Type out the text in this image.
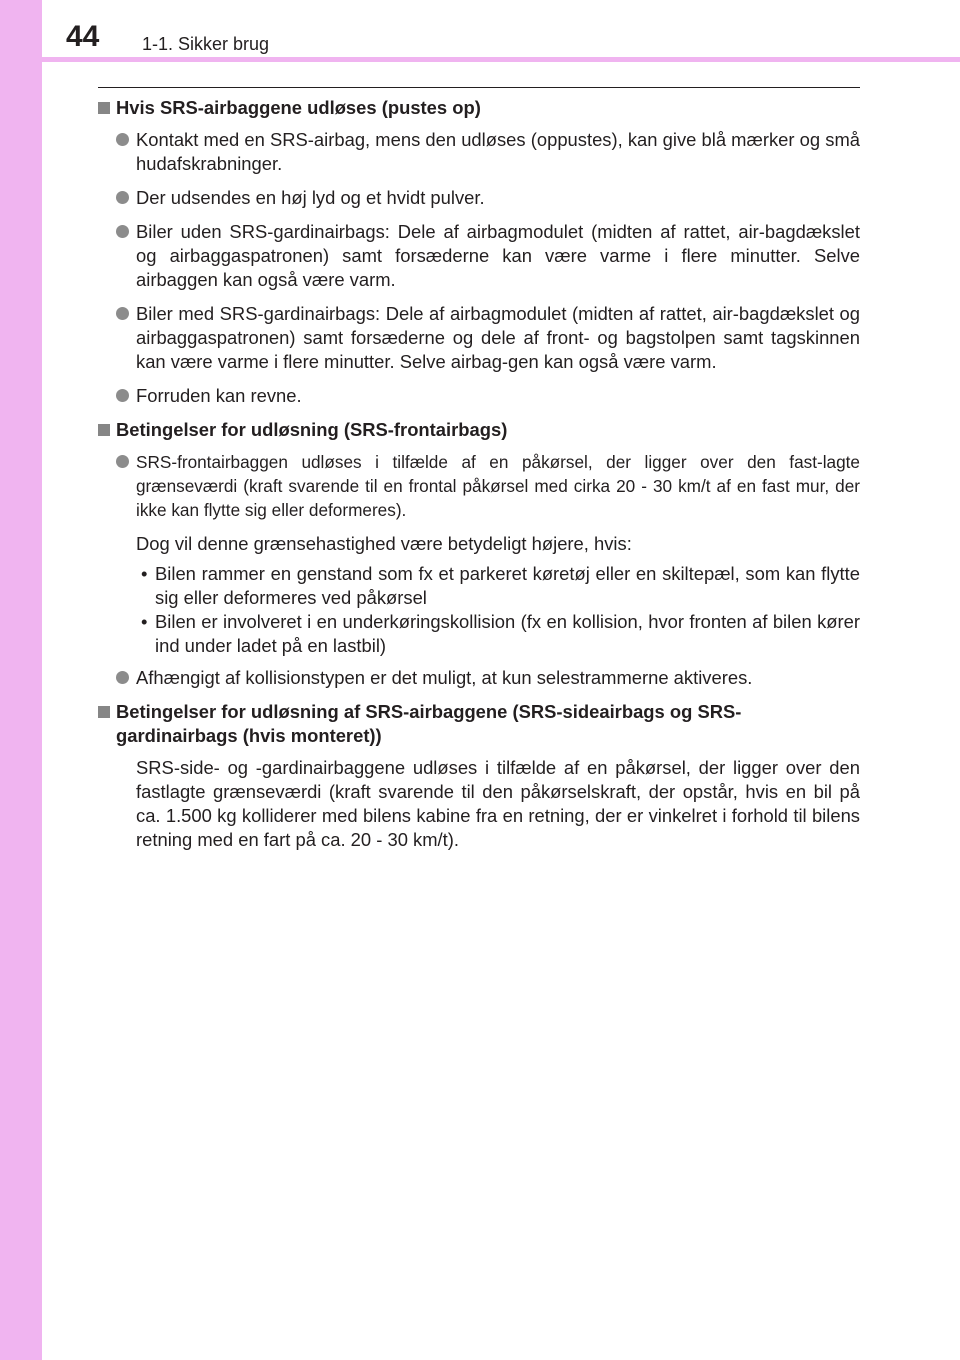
44 1-1. Sikker brug
Hvis SRS-airbaggene udløses (pustes op)
Kontakt med en SRS-airbag, mens den udløses (oppustes), kan give blå mærker og små hudafskrabninger.
Der udsendes en høj lyd og et hvidt pulver.
Biler uden SRS-gardinairbags: Dele af airbagmodulet (midten af rattet, air-bagdækslet og airbaggaspatronen) samt forsæderne kan være varme i flere minutter. Selve airbaggen kan også være varm.
Biler med SRS-gardinairbags: Dele af airbagmodulet (midten af rattet, air-bagdækslet og airbaggaspatronen) samt forsæderne og dele af front- og bagstolpen samt tagskinnen kan være varme i flere minutter. Selve airbag-gen kan også være varm.
Forruden kan revne.
Betingelser for udløsning (SRS-frontairbags)
SRS-frontairbaggen udløses i tilfælde af en påkørsel, der ligger over den fast-lagte grænseværdi (kraft svarende til en frontal påkørsel med cirka 20 - 30 km/t af en fast mur, der ikke kan flytte sig eller deformeres).
Dog vil denne grænsehastighed være betydeligt højere, hvis:
• Bilen rammer en genstand som fx et parkeret køretøj eller en skiltepæl, som kan flytte sig eller deformeres ved påkørsel
• Bilen er involveret i en underkøringskollision (fx en kollision, hvor fronten af bilen kører ind under ladet på en lastbil)
Afhængigt af kollisionstypen er det muligt, at kun selestrammerne aktiveres.
Betingelser for udløsning af SRS-airbaggene (SRS-sideairbags og SRS-gardinairbags (hvis monteret))
SRS-side- og -gardinairbaggene udløses i tilfælde af en påkørsel, der ligger over den fastlagte grænseværdi (kraft svarende til den påkørselskraft, der opstår, hvis en bil på ca. 1.500 kg kolliderer med bilens kabine fra en retning, der er vinkelret i forhold til bilens retning med en fart på ca. 20 - 30 km/t).
